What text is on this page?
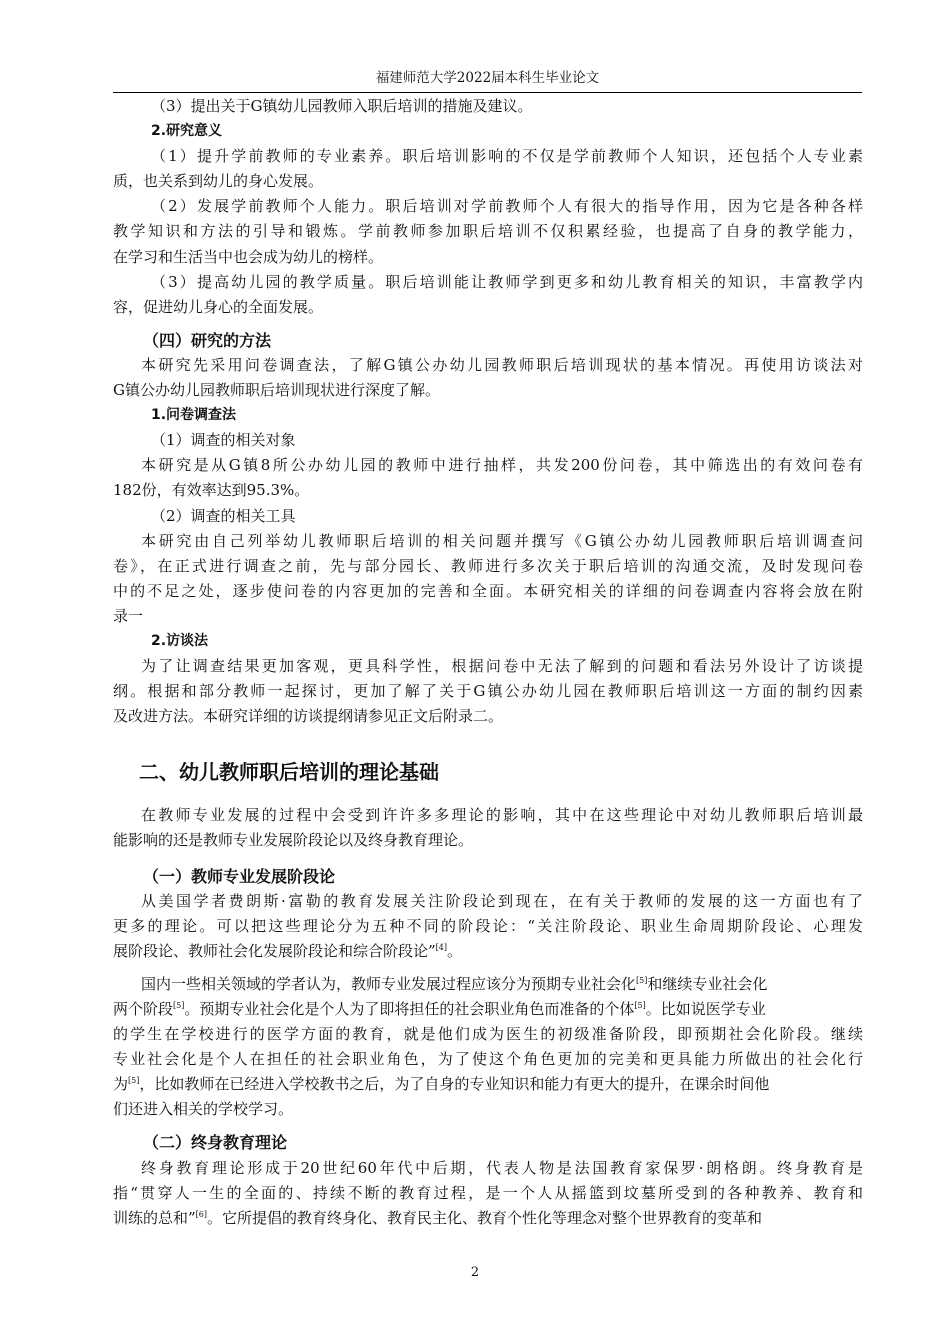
福建师范大学2022届本科生毕业论文
（3）提出关于G镇幼儿园教师入职后培训的措施及建议。
2.研究意义
（1）提升学前教师的专业素养。职后培训影响的不仅是学前教师个人知识，还包括个人专业素
质，也关系到幼儿的身心发展。
（2）发展学前教师个人能力。职后培训对学前教师个人有很大的指导作用，因为它是各种各样
教学知识和方法的引导和锻炼。学前教师参加职后培训不仅积累经验，也提高了自身的教学能力，
在学习和生活当中也会成为幼儿的榜样。
（3）提高幼儿园的教学质量。职后培训能让教师学到更多和幼儿教育相关的知识，丰富教学内
容，促进幼儿身心的全面发展。
（四）研究的方法
本研究先采用问卷调查法，了解G镇公办幼儿园教师职后培训现状的基本情况。再使用访谈法对
G镇公办幼儿园教师职后培训现状进行深度了解。
1.问卷调查法
（1）调查的相关对象
本研究是从G镇8所公办幼儿园的教师中进行抽样，共发200份问卷，其中筛选出的有效问卷有
182份，有效率达到95.3%。
（2）调查的相关工具
本研究由自己列举幼儿教师职后培训的相关问题并撰写《G镇公办幼儿园教师职后培训调查问
卷》，在正式进行调查之前，先与部分园长、教师进行多次关于职后培训的沟通交流，及时发现问卷
中的不足之处，逐步使问卷的内容更加的完善和全面。本研究相关的详细的问卷调查内容将会放在附
录一
2.访谈法
为了让调查结果更加客观，更具科学性，根据问卷中无法了解到的问题和看法另外设计了访谈提
纲。根据和部分教师一起探讨，更加了解了关于G镇公办幼儿园在教师职后培训这一方面的制约因素
及改进方法。本研究详细的访谈提纲请参见正文后附录二。
二、幼儿教师职后培训的理论基础
在教师专业发展的过程中会受到许许多多理论的影响，其中在这些理论中对幼儿教师职后培训最
能影响的还是教师专业发展阶段论以及终身教育理论。
（一）教师专业发展阶段论
从美国学者费朗斯·富勒的教育发展关注阶段论到现在，在有关于教师的发展的这一方面也有了
更多的理论。可以把这些理论分为五种不同的阶段论：“关注阶段论、职业生命周期阶段论、心理发
展阶段论、教师社会化发展阶段论和综合阶段论”[4]。
国内一些相关领域的学者认为，教师专业发展过程应该分为预期专业社会化[5]和继续专业社会化
两个阶段[5]。预期专业社会化是个人为了即将担任的社会职业角色而准备的个体[5]。比如说医学专业
的学生在学校进行的医学方面的教育，就是他们成为医生的初级准备阶段，即预期社会化阶段。继续
专业社会化是个人在担任的社会职业角色，为了使这个角色更加的完美和更具能力所做出的社会化行
为[5]，比如教师在已经进入学校教书之后，为了自身的专业知识和能力有更大的提升，在课余时间他
们还进入相关的学校学习。
（二）终身教育理论
终身教育理论形成于20世纪60年代中后期，代表人物是法国教育家保罗·朗格朗。终身教育是
指“贯穿人一生的全面的、持续不断的教育过程，是一个人从摇篮到坟墓所受到的各种教养、教育和
训练的总和”[6]。它所提倡的教育终身化、教育民主化、教育个性化等理念对整个世界教育的变革和
2
